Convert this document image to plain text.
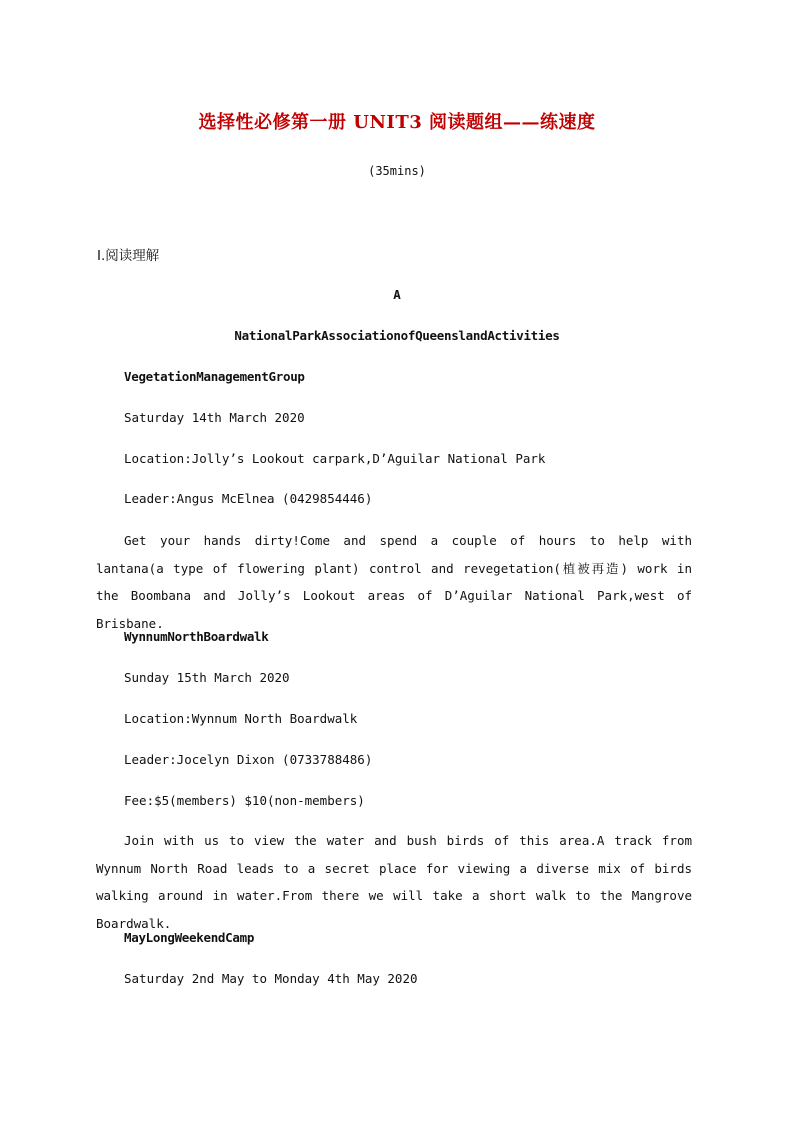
选择性必修第一册 UNIT3 阅读题组——练速度
(35mins)
Ⅰ.阅读理解
A
NationalParkAssociationofQueenslandActivities
VegetationManagementGroup
Saturday 14th March 2020
Location:Jolly’s Lookout carpark,D’Aguilar National Park
Leader:Angus McElnea (0429854446)
Get your hands dirty!Come and spend a couple of hours to help with lantana(a type of flowering plant) control and revegetation(植被再造) work in the Boombana and Jolly’s Lookout areas of D’Aguilar National Park,west of Brisbane.
WynnumNorthBoardwalk
Sunday 15th March 2020
Location:Wynnum North Boardwalk
Leader:Jocelyn Dixon (0733788486)
Fee:$5(members) $10(non-members)
Join with us to view the water and bush birds of this area.A track from Wynnum North Road leads to a secret place for viewing a diverse mix of birds walking around in water.From there we will take a short walk to the Mangrove Boardwalk.
MayLongWeekendCamp
Saturday 2nd May to Monday 4th May 2020
